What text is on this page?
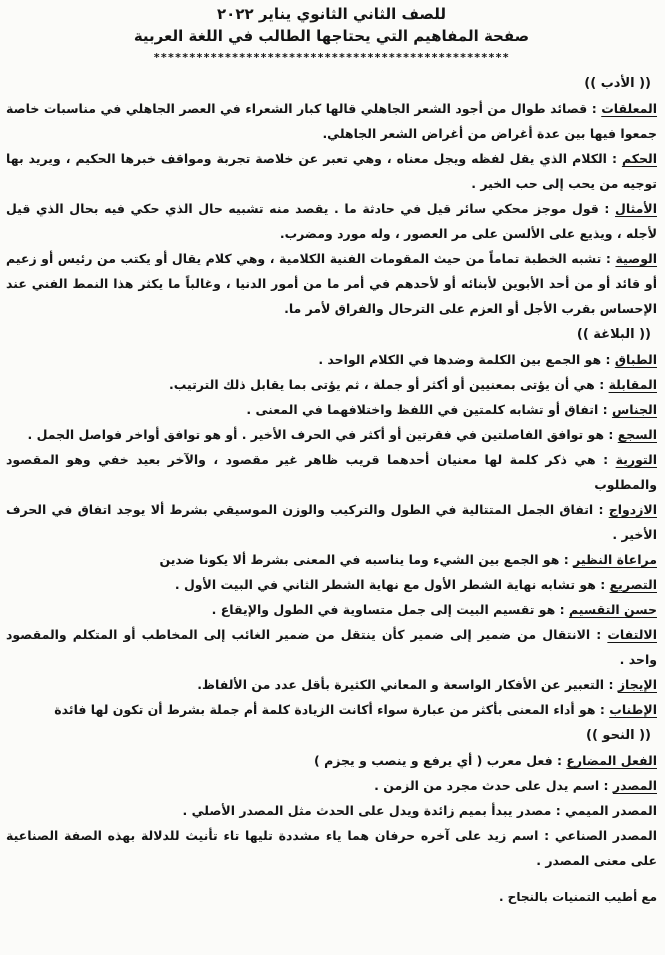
للصف الثاني الثانوي يناير ٢٠٢٢
صفحة المفاهيم التي يحتاجها الطالب في اللغة العربية
**************************************************
(( الأدب ))

المعلقات : قصائد طوال من أجود الشعر الجاهلي قالها كبار الشعراء في العصر الجاهلي في مناسبات خاصة جمعوا فيها بين عدة أغراض من أغراض الشعر الجاهلي.

الحكم : الكلام الذي يقل لفظه ويجل معناه ، وهي تعبر عن خلاصة تجربة ومواقف خبرها الحكيم ، ويريد بها توجيه من يحب إلى حب الخير .

الأمثال : قول موجز محكي سائر قيل في حادثة ما . يقصد منه تشبيه حال الذي حكي فيه بحال الذي قيل لأجله ، ويذيع على الألسن على مر العصور ، وله مورد ومضرب.

الوصية : تشبه الخطبة تماماً من حيث المقومات الفنية الكلامية ، وهي كلام يقال أو يكتب من رئيس أو زعيم أو قائد أو من أحد الأبوين لأبنائه أو لأحدهم في أمر ما من أمور الدنيا ، وغالباً ما يكثر هذا النمط الفني عند الإحساس بقرب الأجل أو العزم على الترحال والفراق لأمر ما.

(( البلاغة ))

الطباق : هو الجمع بين الكلمة وضدها في الكلام الواحد .

المقابلة : هي أن يؤتى بمعنيين أو أكثر أو جملة ، ثم يؤتى بما يقابل ذلك الترتيب.

الجناس : اتفاق أو تشابه كلمتين في اللفظ واختلافهما في المعنى .

السجع : هو توافق الفاصلتين في فقرتين أو أكثر في الحرف الأخير . أو هو توافق أواخر فواصل الجمل .

التورية : هي ذكر كلمة لها معنيان أحدهما قريب ظاهر غير مقصود ، والآخر بعيد خفي وهو المقصود والمطلوب

الازدواج : اتفاق الجمل المتتالية في الطول والتركيب والوزن الموسيقي بشرط ألا يوجد اتفاق في الحرف الأخير .

مراعاة النظير : هو الجمع بين الشيء وما يناسبه في المعنى بشرط ألا يكونا ضدين

التصريع : هو تشابه نهاية الشطر الأول مع نهاية الشطر الثاني في البيت الأول .

حسن التقسيم : هو تقسيم البيت إلى جمل متساوية في الطول والإيقاع .

الالتفات : الانتقال من ضمير إلى ضمير كأن ينتقل من ضمير الغائب إلى المخاطب أو المتكلم والمقصود واحد .

الإيجاز : التعبير عن الأفكار الواسعة و المعاني الكثيرة بأقل عدد من الألفاظ.

الإطناب : هو أداء المعنى بأكثر من عبارة سواء أكانت الزيادة كلمة أم جملة بشرط أن تكون لها فائدة

(( النحو ))

الفعل المضارع : فعل معرب ( أي يرفع و ينصب و يجزم )

المصدر : اسم يدل على حدث مجرد من الزمن .

المصدر الميمي : مصدر يبدأ بميم زائدة ويدل على الحدث مثل المصدر الأصلي .

المصدر الصناعي : اسم زيد على آخره حرفان هما ياء مشددة تليها تاء تأنيث للدلالة بهذه الصفة الصناعية على معنى المصدر .

مع أطيب التمنيات بالنجاح .
